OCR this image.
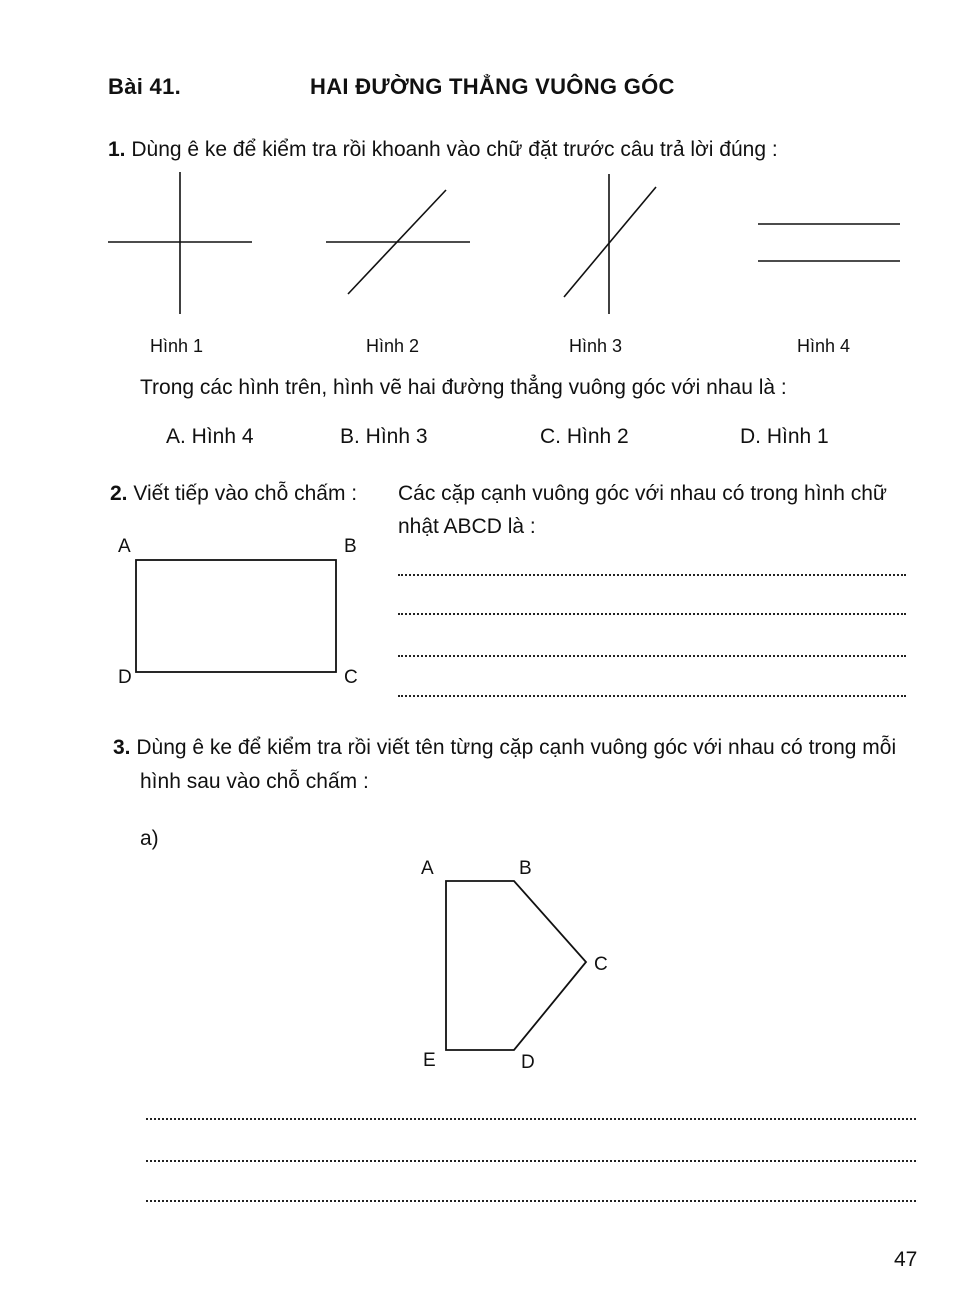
Bài 41.	HAI ĐƯỜNG THẲNG VUÔNG GÓC
1. Dùng ê ke để kiểm tra rồi khoanh vào chữ đặt trước câu trả lời đúng :
Hình 1	Hình 2	Hình 3	Hình 4
Trong các hình trên, hình vẽ hai đường thẳng vuông góc với nhau là :
A. Hình 4	B. Hình 3	C. Hình 2	D. Hình 1
2. Viết tiếp vào chỗ chấm : Các cặp cạnh vuông góc với nhau có trong hình chữ
nhật ABCD là :
A	B
D	C
3. Dùng ê ke để kiểm tra rồi viết tên từng cặp cạnh vuông góc với nhau có trong mỗi
hình sau vào chỗ chấm :
a)
A	B
C
D
E
47
